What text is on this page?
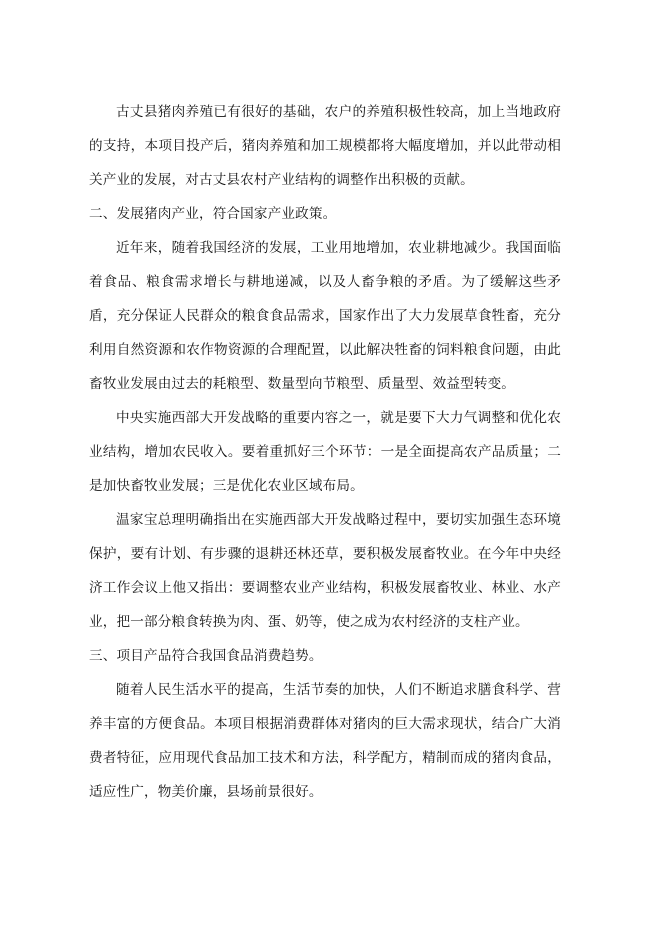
古丈县猪肉养殖已有很好的基础，农户的养殖积极性较高，加上当地政府的支持，本项目投产后，猪肉养殖和加工规模都将大幅度增加，并以此带动相关产业的发展，对古丈县农村产业结构的调整作出积极的贡献。

二、发展猪肉产业，符合国家产业政策。

近年来，随着我国经济的发展，工业用地增加，农业耕地减少。我国面临着食品、粮食需求增长与耕地递减，以及人畜争粮的矛盾。为了缓解这些矛盾，充分保证人民群众的粮食食品需求，国家作出了大力发展草食牲畜，充分利用自然资源和农作物资源的合理配置，以此解决牲畜的饲料粮食问题，由此畜牧业发展由过去的耗粮型、数量型向节粮型、质量型、效益型转变。

中央实施西部大开发战略的重要内容之一，就是要下大力气调整和优化农业结构，增加农民收入。要着重抓好三个环节：一是全面提高农产品质量；二是加快畜牧业发展；三是优化农业区域布局。

温家宝总理明确指出在实施西部大开发战略过程中，要切实加强生态环境保护，要有计划、有步骤的退耕还林还草，要积极发展畜牧业。在今年中央经济工作会议上他又指出：要调整农业产业结构，积极发展畜牧业、林业、水产业，把一部分粮食转换为肉、蛋、奶等，使之成为农村经济的支柱产业。

三、项目产品符合我国食品消费趋势。

随着人民生活水平的提高，生活节奏的加快，人们不断追求膳食科学、营养丰富的方便食品。本项目根据消费群体对猪肉的巨大需求现状，结合广大消费者特征，应用现代食品加工技术和方法，科学配方，精制而成的猪肉食品，适应性广，物美价廉，县场前景很好。
